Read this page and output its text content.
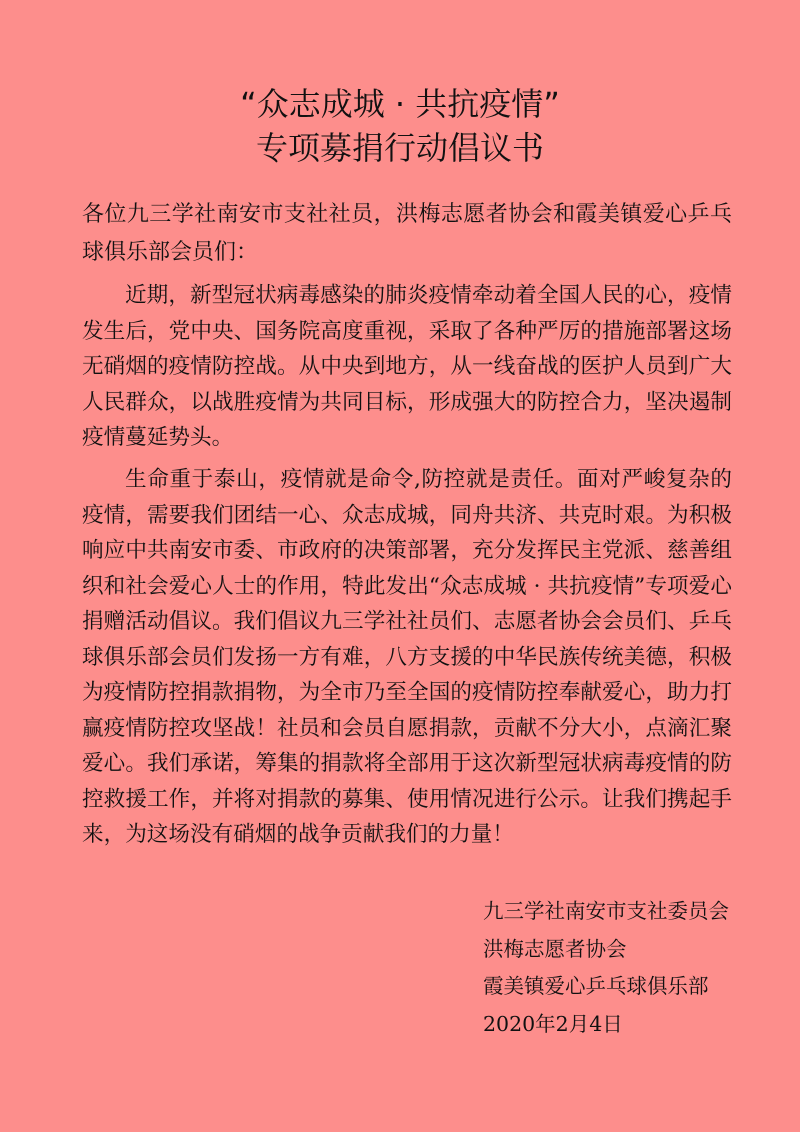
“众志成城 · 共抗疫情”
专项募捐行动倡议书
各位九三学社南安市支社社员，洪梅志愿者协会和霞美镇爱心乒乓球俱乐部会员们：
近期，新型冠状病毒感染的肺炎疫情牵动着全国人民的心，疫情发生后，党中央、国务院高度重视，采取了各种严厉的措施部署这场无硝烟的疫情防控战。从中央到地方，从一线奋战的医护人员到广大人民群众，以战胜疫情为共同目标，形成强大的防控合力，坚决遏制疫情蔓延势头。
生命重于泰山，疫情就是命令,防控就是责任。面对严峻复杂的疫情，需要我们团结一心、众志成城，同舟共济、共克时艰。为积极响应中共南安市委、市政府的决策部署，充分发挥民主党派、慈善组织和社会爱心人士的作用，特此发出“众志成城 · 共抗疫情”专项爱心捐赠活动倡议。我们倡议九三学社社员们、志愿者协会会员们、乒乓球俱乐部会员们发扬一方有难，八方支援的中华民族传统美德，积极为疫情防控捐款捐物，为全市乃至全国的疫情防控奉献爱心，助力打赢疫情防控攻坚战！社员和会员自愿捐款，贡献不分大小，点滴汇聚爱心。我们承诺，筹集的捐款将全部用于这次新型冠状病毒疫情的防控救援工作，并将对捐款的募集、使用情况进行公示。让我们携起手来，为这场没有硝烟的战争贡献我们的力量！
九三学社南安市支社委员会
洪梅志愿者协会
霞美镇爱心乒乓球俱乐部
2020年2月4日
